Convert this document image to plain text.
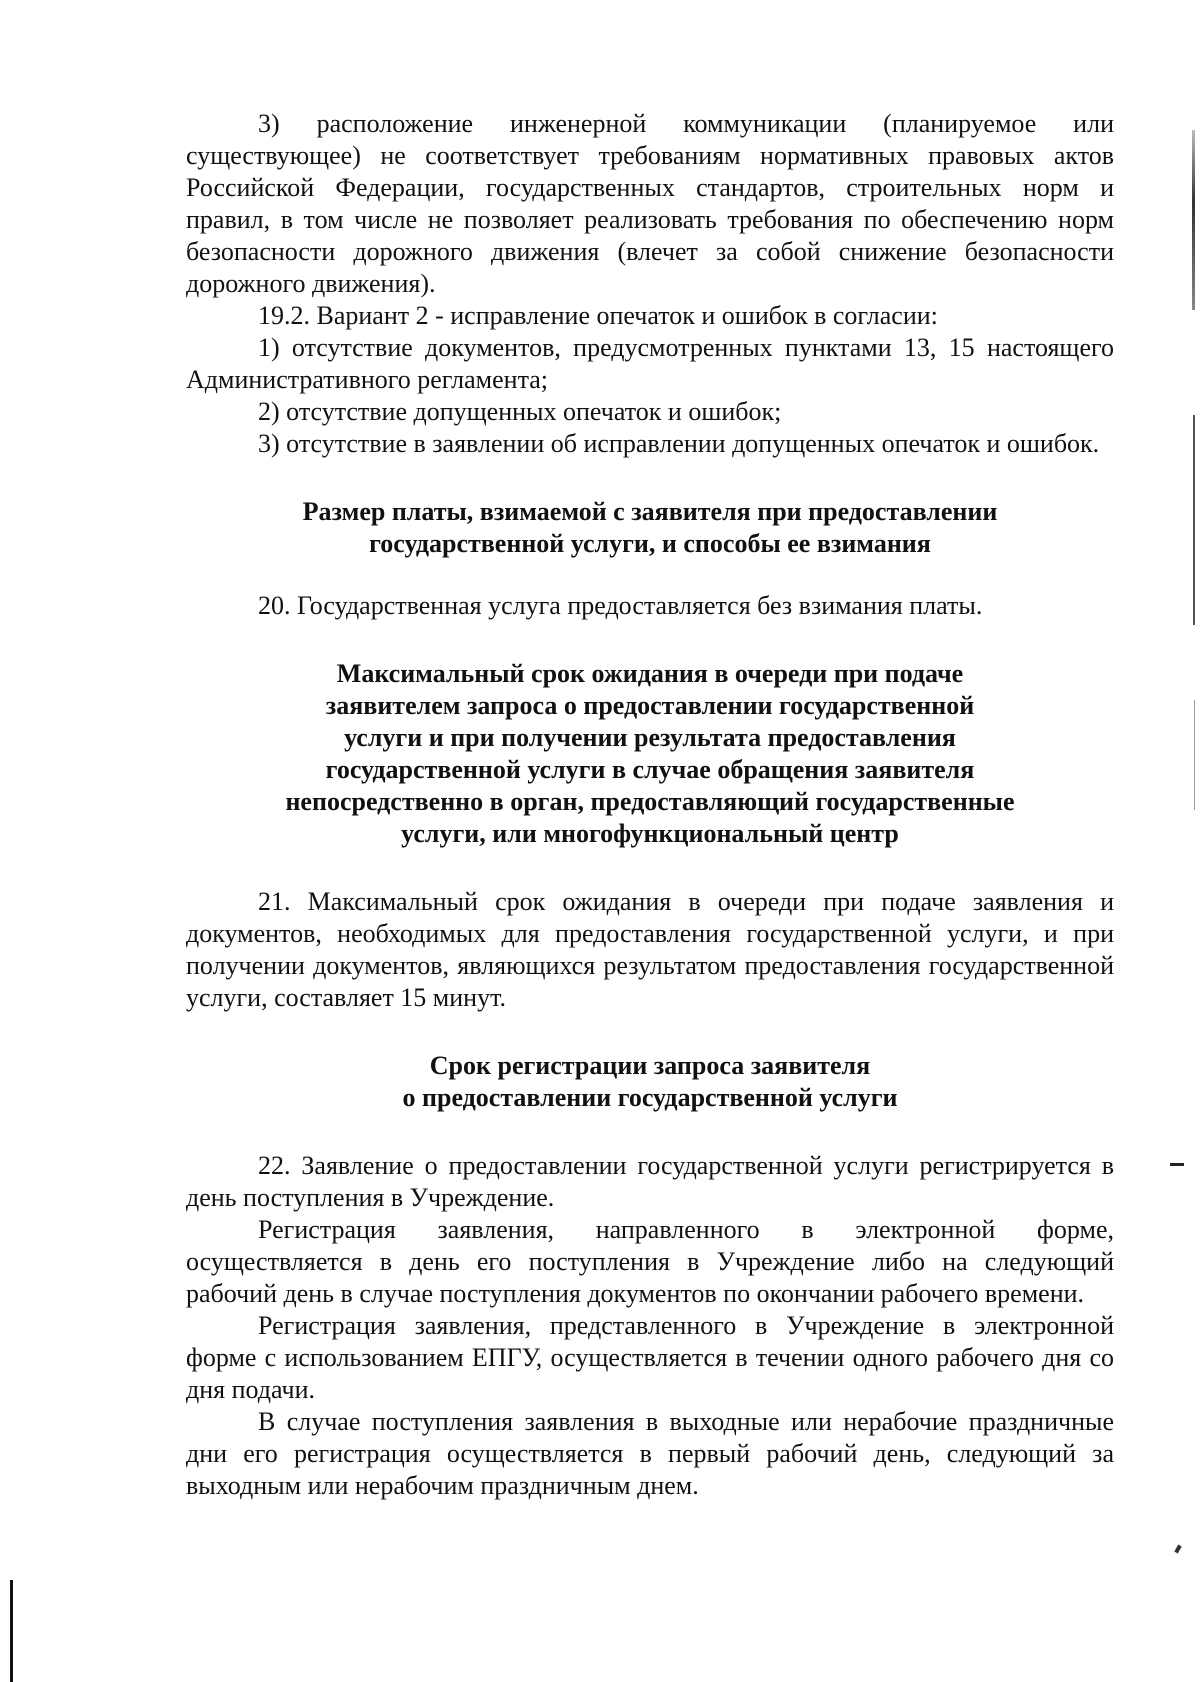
3) расположение инженерной коммуникации (планируемое или существующее) не соответствует требованиям нормативных правовых актов Российской Федерации, государственных стандартов, строительных норм и правил, в том числе не позволяет реализовать требования по обеспечению норм безопасности дорожного движения (влечет за собой снижение безопасности дорожного движения).

19.2. Вариант 2 - исправление опечаток и ошибок в согласии:

1) отсутствие документов, предусмотренных пунктами 13, 15 настоящего Административного регламента;

2) отсутствие допущенных опечаток и ошибок;

3) отсутствие в заявлении об исправлении допущенных опечаток и ошибок.

Размер платы, взимаемой с заявителя при предоставлении

государственной услуги, и способы ее взимания

20. Государственная услуга предоставляется без взимания платы.

Максимальный срок ожидания в очереди при подаче

заявителем запроса о предоставлении государственной

услуги и при получении результата предоставления

государственной услуги в случае обращения заявителя

непосредственно в орган, предоставляющий государственные

услуги, или многофункциональный центр

21. Максимальный срок ожидания в очереди при подаче заявления и документов, необходимых для предоставления государственной услуги, и при получении документов, являющихся результатом предоставления государственной услуги, составляет 15 минут.

Срок регистрации запроса заявителя

о предоставлении государственной услуги

22. Заявление о предоставлении государственной услуги регистрируется в день поступления в Учреждение.

Регистрация заявления, направленного в электронной форме, осуществляется в день его поступления в Учреждение либо на следующий рабочий день в случае поступления документов по окончании рабочего времени.

Регистрация заявления, представленного в Учреждение в электронной форме с использованием ЕПГУ, осуществляется в течении одного рабочего дня со дня подачи.

В случае поступления заявления в выходные или нерабочие праздничные дни его регистрация осуществляется в первый рабочий день, следующий за выходным или нерабочим праздничным днем.
